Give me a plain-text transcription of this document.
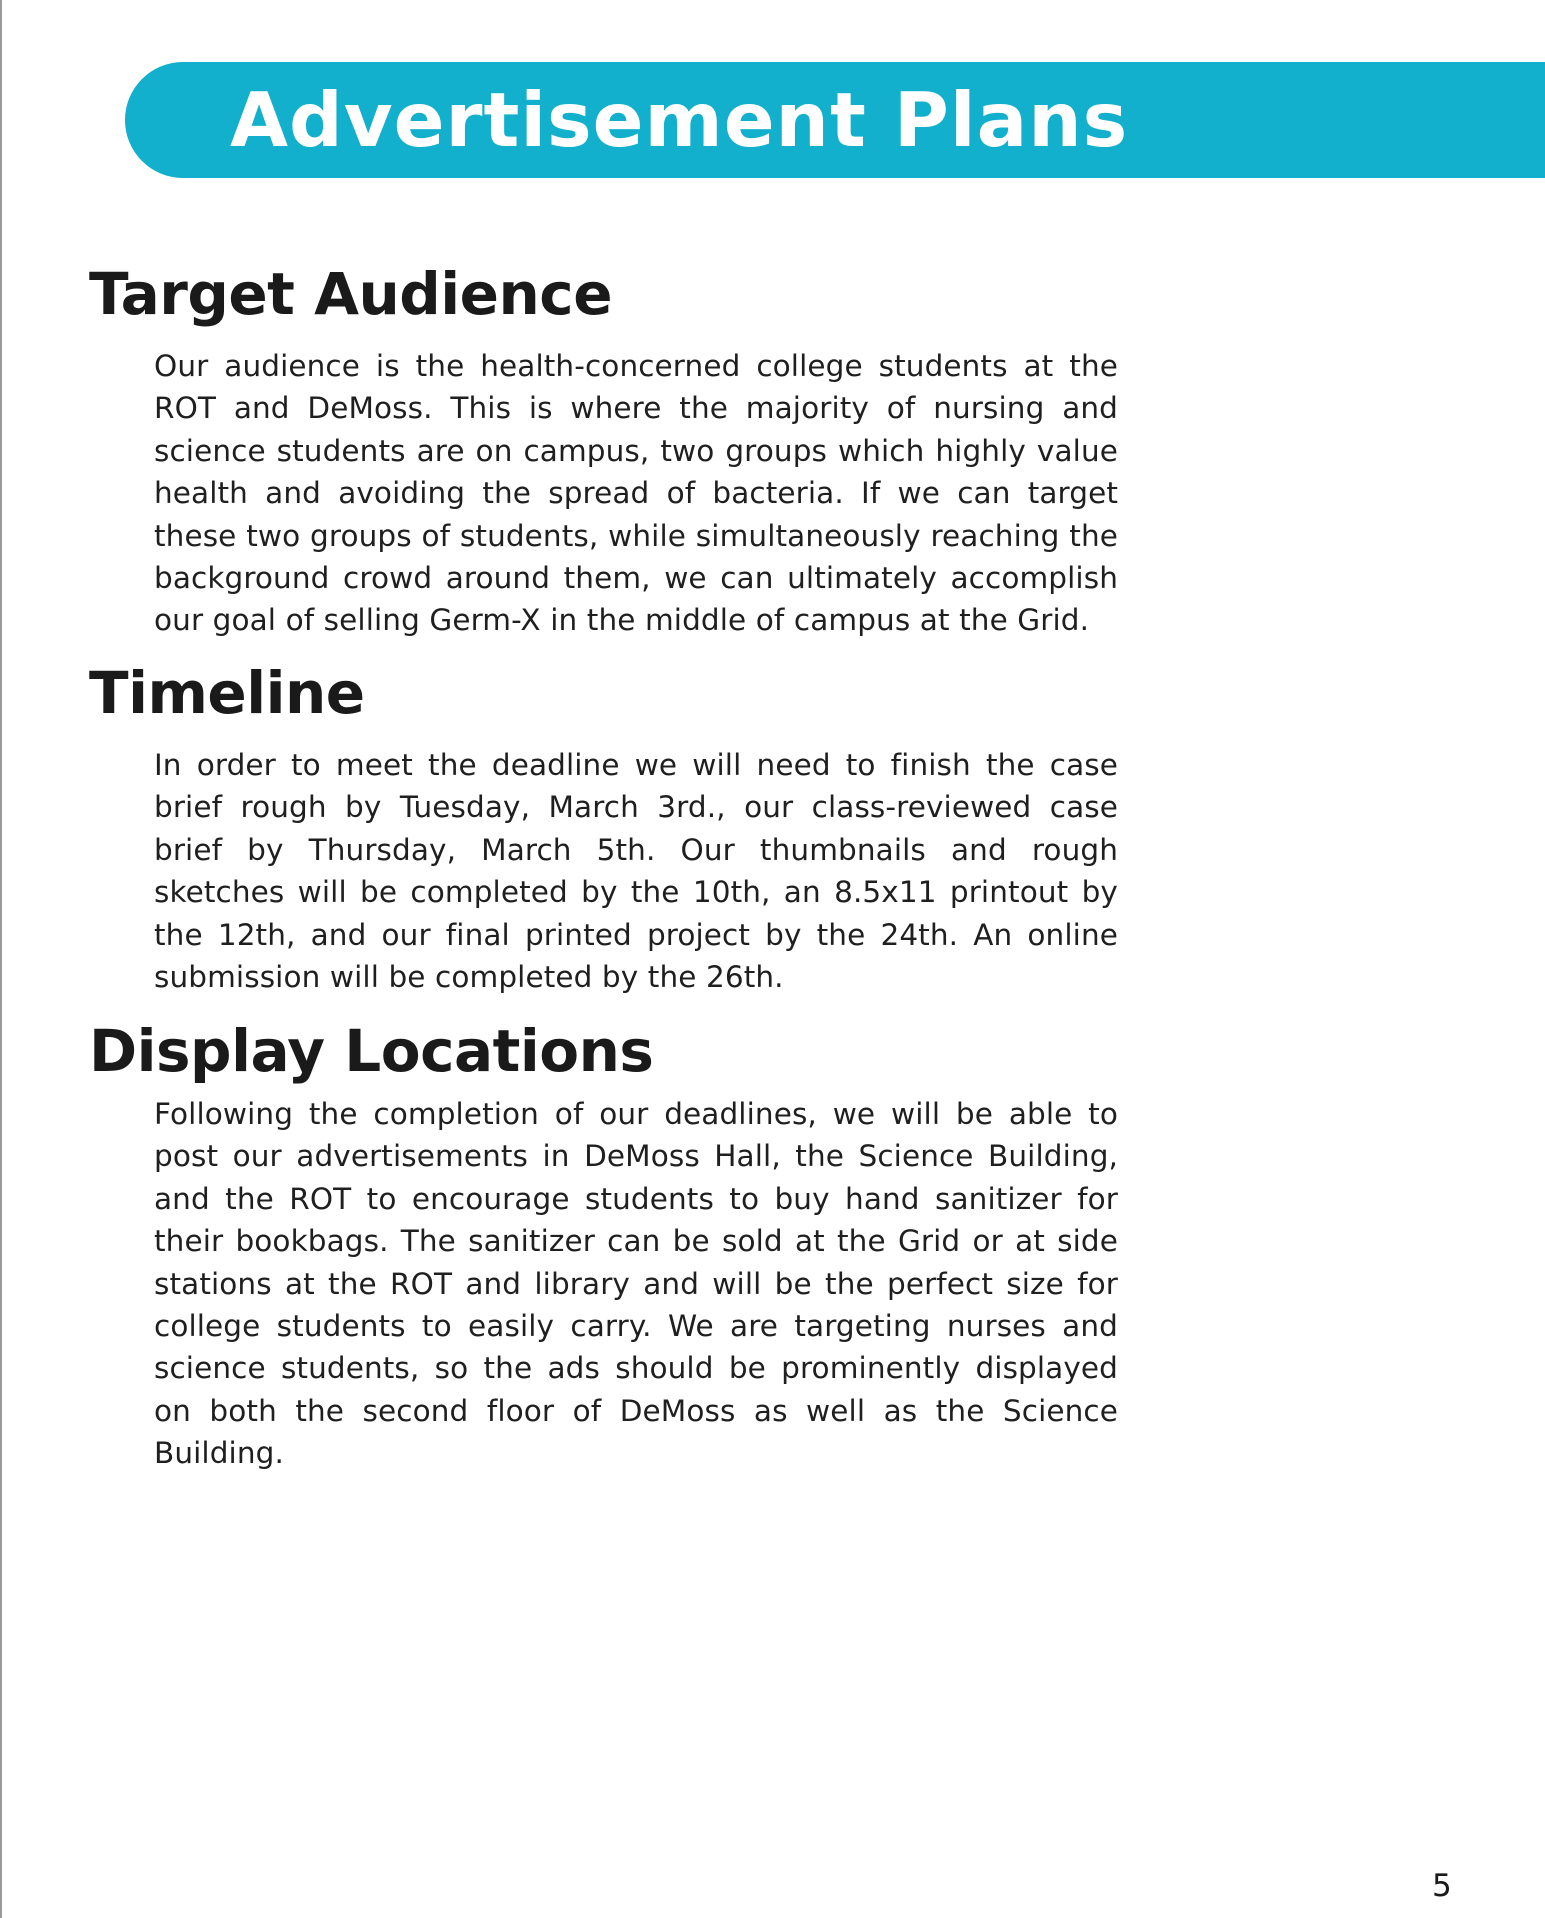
Advertisement Plans
Target Audience

Our audience is the health-concerned college students at the ROT and DeMoss. This is where the majority of nursing and science students are on campus, two groups which highly value health and avoiding the spread of bacteria. If we can target these two groups of students, while simultaneously reaching the background crowd around them, we can ultimately accomplish our goal of selling Germ-X in the middle of campus at the Grid.

Timeline

In order to meet the deadline we will need to finish the case brief rough by Tuesday, March 3rd., our class-reviewed case brief by Thursday, March 5th. Our thumbnails and rough sketches will be completed by the 10th, an 8.5x11 printout by the 12th, and our final printed project by the 24th. An online submission will be completed by the 26th.

Display Locations

Following the completion of our deadlines, we will be able to post our advertisements in DeMoss Hall, the Science Building, and the ROT to encourage students to buy hand sanitizer for their bookbags. The sanitizer can be sold at the Grid or at side stations at the ROT and library and will be the perfect size for college students to easily carry. We are targeting nurses and science students, so the ads should be prominently displayed on both the second floor of DeMoss as well as the Science Building.

5
